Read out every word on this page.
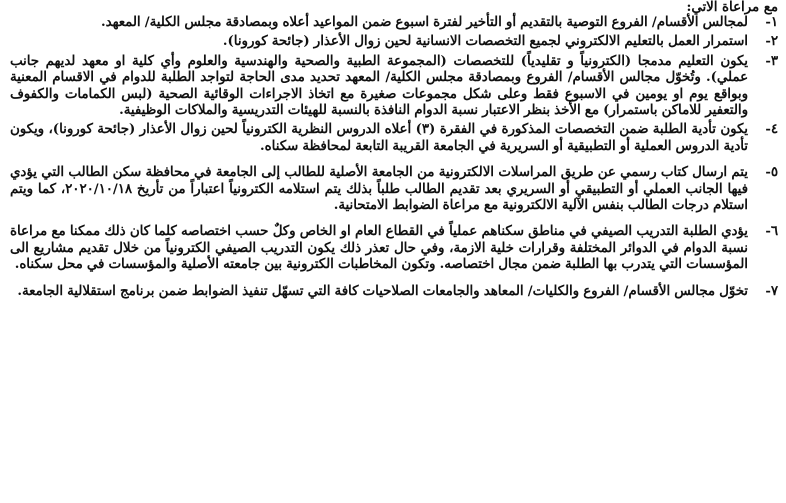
مع مراعاة الاتي:

١-
لمجالس الأقسام/ الفروع التوصية بالتقديم أو التأخير لفترة اسبوع ضمن المواعيد أعلاه وبمصادقة مجلس الكلية/ المعهد.
٢-
استمرار العمل بالتعليم الالكتروني لجميع التخصصات الانسانية لحين زوال الأعذار (جائحة كورونا).
٣-
يكون التعليم مدمجا (الكترونياً و تقليدياً) للتخصصات (المجموعة الطبية والصحية والهندسية والعلوم وأي كلية او معهد لديهم جانب عملي). وتُخوّل مجالس الأقسام/ الفروع وبمصادقة مجلس الكلية/ المعهد تحديد مدى الحاجة لتواجد الطلبة للدوام في الاقسام المعنية وبواقع يوم او يومين في الاسبوع فقط وعلى شكل مجموعات صغيرة مع اتخاذ الاجراءات الوقائية الصحية (لبس الكمامات والكفوف والتعفير للاماكن باستمرار) مع الأخذ بنظر الاعتبار نسبة الدوام النافذة بالنسبة للهيئات التدريسية والملاكات الوظيفية.
٤-
يكون تأدية الطلبة ضمن التخصصات المذكورة في الفقرة (٣) أعلاه الدروس النظرية الكترونياً لحين زوال الأعذار (جائحة كورونا)، ويكون تأدية الدروس العملية أو التطبيقية أو السريرية في الجامعة القريبة التابعة لمحافظة سكناه.
٥-
يتم ارسال كتاب رسمي عن طريق المراسلات الالكترونية من الجامعة الأصلية للطالب إلى الجامعة في محافظة سكن الطالب التي يؤدي فيها الجانب العملي أو التطبيقي أو السريري بعد تقديم الطالب طلباً بذلك يتم استلامه الكترونياً اعتباراً من تأريخ ٢٠٢٠/١٠/١٨، كما ويتم استلام درجات الطالب بنفس الآلية الالكترونية مع مراعاة الضوابط الامتحانية.
٦-
يؤدي الطلبة التدريب الصيفي في مناطق سكناهم عملياً في القطاع العام او الخاص وكلٌ حسب اختصاصه كلما كان ذلك ممكنا مع مراعاة نسبة الدوام في الدوائر المختلفة وقرارات خلية الازمة، وفي حال تعذر ذلك يكون التدريب الصيفي الكترونياً من خلال تقديم مشاريع الى المؤسسات التي يتدرب بها الطلبة ضمن مجال اختصاصه. وتكون المخاطبات الكترونية بين جامعته الأصلية والمؤسسات في محل سكناه.
٧-
تخوّل مجالس الأقسام/ الفروع والكليات/ المعاهد والجامعات الصلاحيات كافة التي تسهّل تنفيذ الضوابط ضمن برنامج استقلالية الجامعة.
